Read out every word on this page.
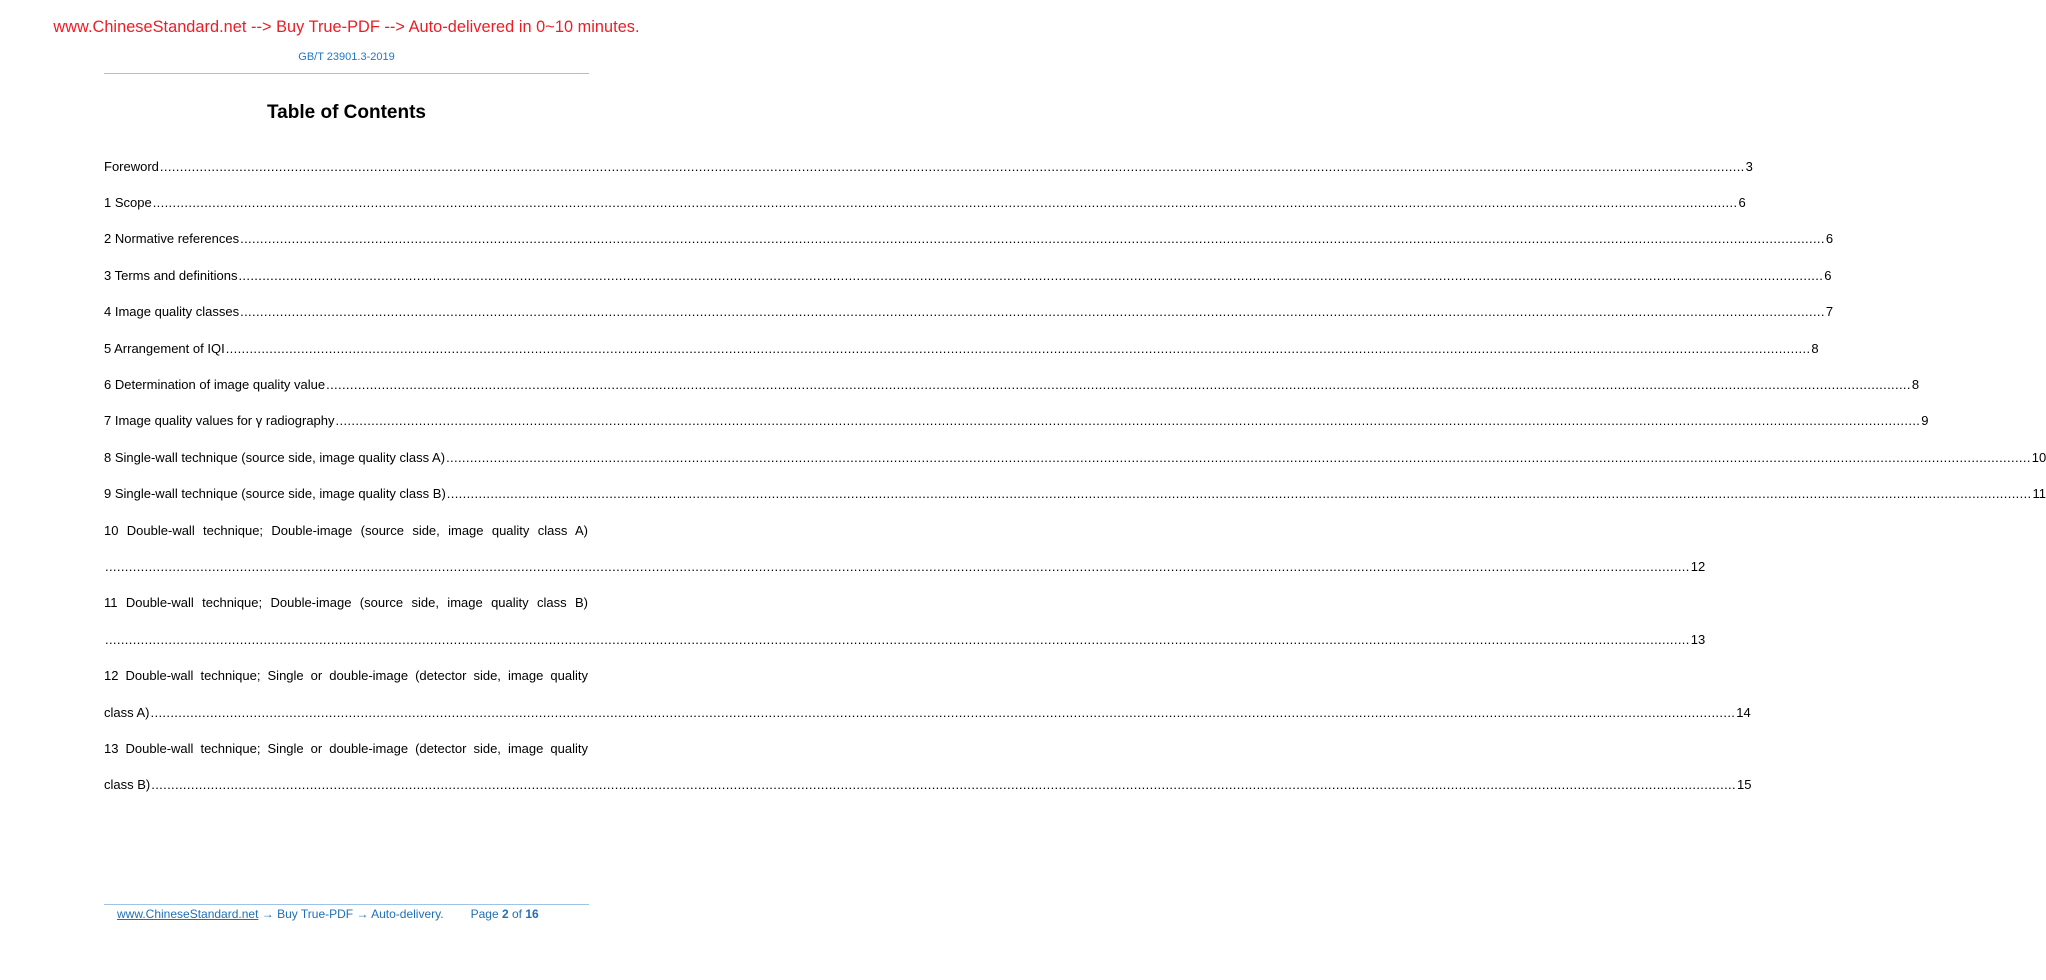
www.ChineseStandard.net --> Buy True-PDF --> Auto-delivered in 0~10 minutes.
GB/T 23901.3-2019
Table of Contents
Foreword ................................................................................................................................................................................................................................................................................................................................................................................................................ 3
1 Scope ................................................................................................................................................................................................................................................................................................................................................................................................................ 6
2 Normative references ................................................................................................................................................................................................................................................................................................................................................................................................................ 6
3 Terms and definitions ................................................................................................................................................................................................................................................................................................................................................................................................................ 6
4 Image quality classes ................................................................................................................................................................................................................................................................................................................................................................................................................ 7
5 Arrangement of IQI ................................................................................................................................................................................................................................................................................................................................................................................................................ 8
6 Determination of image quality value ................................................................................................................................................................................................................................................................................................................................................................................................................ 8
7 Image quality values for γ radiography ................................................................................................................................................................................................................................................................................................................................................................................................................ 9
8 Single-wall technique (source side, image quality class A) ................................................................................................................................................................................................................................................................................................................................................................................................................ 10
9 Single-wall technique (source side, image quality class B) ................................................................................................................................................................................................................................................................................................................................................................................................................ 11
10 Double-wall technique; Double-image (source side, image quality class A)
................................................................................................................................................................................................................................................................................................................................................................................................................ 12
11 Double-wall technique; Double-image (source side, image quality class B)
................................................................................................................................................................................................................................................................................................................................................................................................................ 13
12 Double-wall technique; Single or double-image (detector side, image quality
class A) ................................................................................................................................................................................................................................................................................................................................................................................................................ 14
13 Double-wall technique; Single or double-image (detector side, image quality
class B) ................................................................................................................................................................................................................................................................................................................................................................................................................ 15
www.ChineseStandard.net → Buy True-PDF → Auto-delivery. Page 2 of 16
